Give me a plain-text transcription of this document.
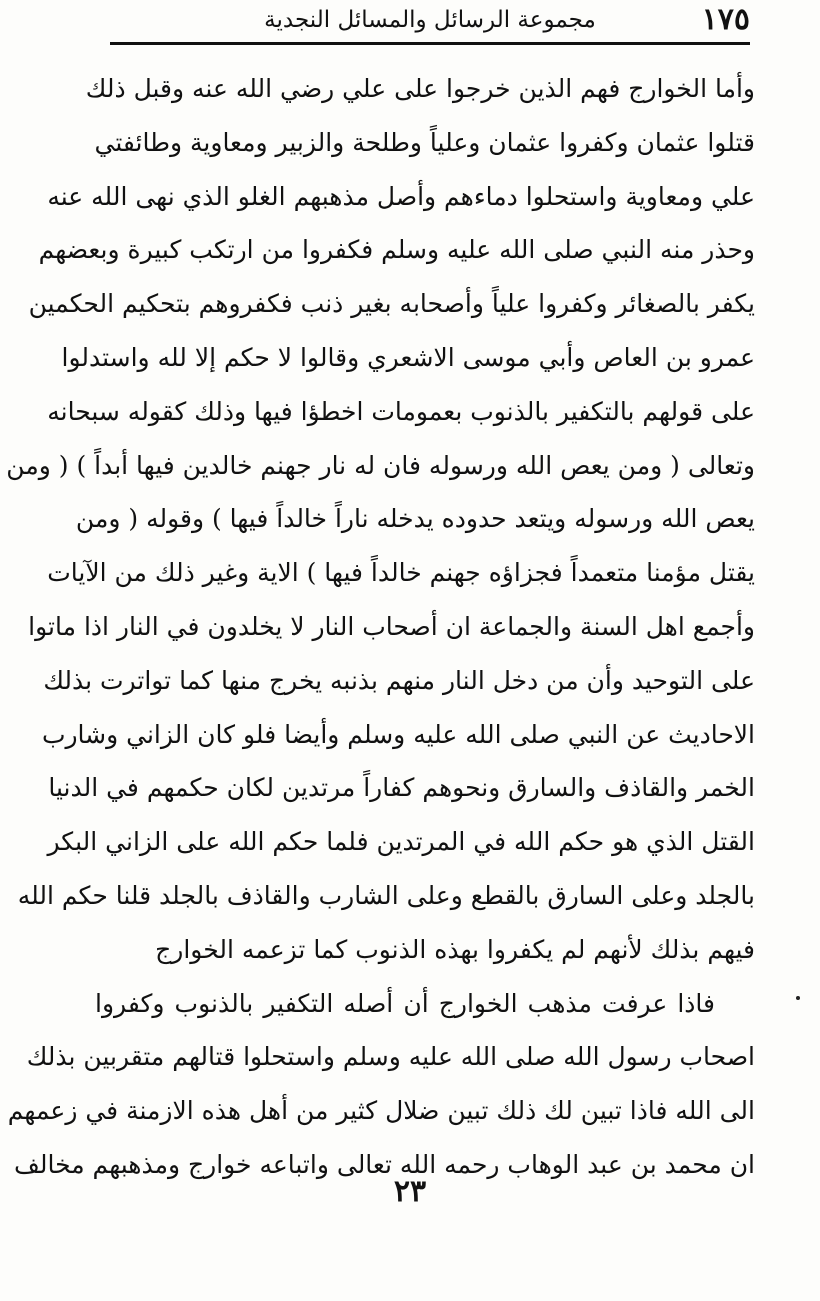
١٧٥
مجموعة الرسائل والمسائل النجدية
وأما الخوارج فهم الذين خرجوا على علي رضي الله عنه وقبل ذلك
قتلوا عثمان وكفروا عثمان وعلياً وطلحة والزبير ومعاوية وطائفتي
علي ومعاوية واستحلوا دماءهم وأصل مذهبهم الغلو الذي نهى الله عنه
وحذر منه النبي صلى الله عليه وسلم فكفروا من ارتكب كبيرة وبعضهم
يكفر بالصغائر وكفروا علياً وأصحابه بغير ذنب فكفروهم بتحكيم الحكمين
عمرو بن العاص وأبي موسى الاشعري وقالوا لا حكم إلا لله واستدلوا
على قولهم بالتكفير بالذنوب بعمومات اخطؤا فيها وذلك كقوله سبحانه
وتعالى ( ومن يعص الله ورسوله فان له نار جهنم خالدين فيها أبداً ) ( ومن
يعص الله ورسوله ويتعد حدوده يدخله ناراً خالداً فيها ) وقوله ( ومن
يقتل مؤمنا متعمداً فجزاؤه جهنم خالداً فيها ) الاية وغير ذلك من الآيات
وأجمع اهل السنة والجماعة ان أصحاب النار لا يخلدون في النار اذا ماتوا
على التوحيد وأن من دخل النار منهم بذنبه يخرج منها كما تواترت بذلك
الاحاديث عن النبي صلى الله عليه وسلم وأيضا فلو كان الزاني وشارب
الخمر والقاذف والسارق ونحوهم كفاراً مرتدين لكان حكمهم في الدنيا
القتل الذي هو حكم الله في المرتدين فلما حكم الله على الزاني البكر
بالجلد وعلى السارق بالقطع وعلى الشارب والقاذف بالجلد قلنا حكم الله
فيهم بذلك لأنهم لم يكفروا بهذه الذنوب كما تزعمه الخوارج
فاذا عرفت مذهب الخوارج أن أصله التكفير بالذنوب وكفروا
اصحاب رسول الله صلى الله عليه وسلم واستحلوا قتالهم متقربين بذلك
الى الله فاذا تبين لك ذلك تبين ضلال كثير من أهل هذه الازمنة في زعمهم
ان محمد بن عبد الوهاب رحمه الله تعالى واتباعه خوارج ومذهبهم مخالف
٢٣
